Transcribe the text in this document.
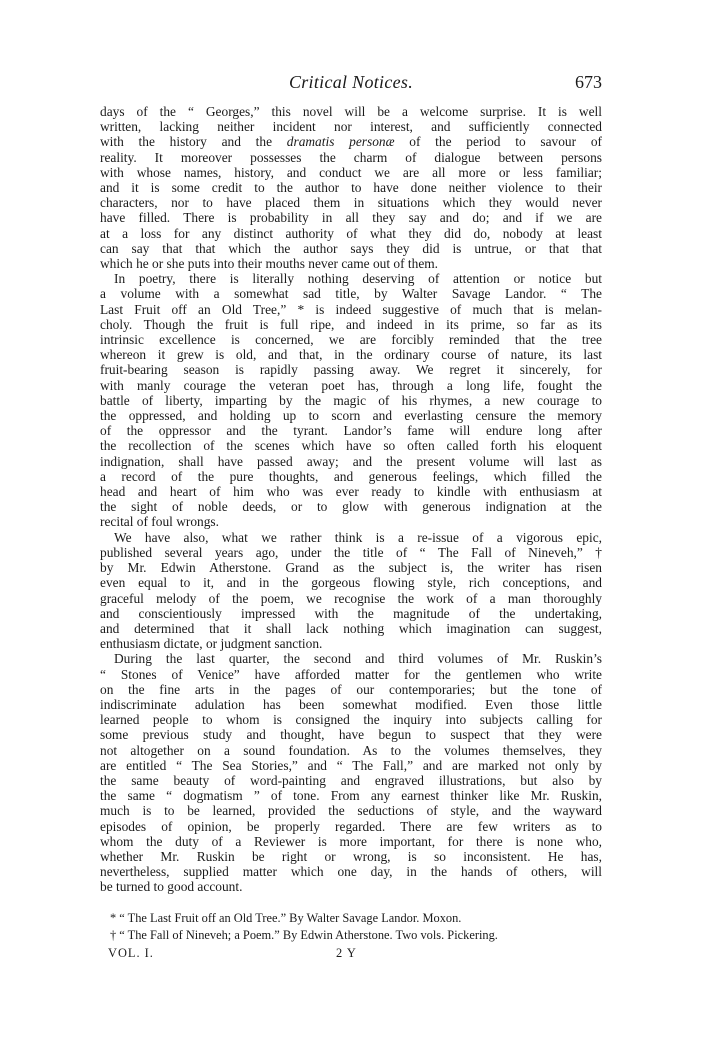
Critical Notices.	673
days of the “ Georges,” this novel will be a welcome surprise. It is well
written, lacking neither incident nor interest, and sufficiently connected
with the history and the dramatis personæ of the period to savour of
reality. It moreover possesses the charm of dialogue between persons
with whose names, history, and conduct we are all more or less familiar;
and it is some credit to the author to have done neither violence to their
characters, nor to have placed them in situations which they would never
have filled. There is probability in all they say and do; and if we are
at a loss for any distinct authority of what they did do, nobody at least
can say that that which the author says they did is untrue, or that that
which he or she puts into their mouths never came out of them.
In poetry, there is literally nothing deserving of attention or notice but
a volume with a somewhat sad title, by Walter Savage Landor. “ The
Last Fruit off an Old Tree,” * is indeed suggestive of much that is melan-
choly. Though the fruit is full ripe, and indeed in its prime, so far as its
intrinsic excellence is concerned, we are forcibly reminded that the tree
whereon it grew is old, and that, in the ordinary course of nature, its last
fruit-bearing season is rapidly passing away. We regret it sincerely, for
with manly courage the veteran poet has, through a long life, fought the
battle of liberty, imparting by the magic of his rhymes, a new courage to
the oppressed, and holding up to scorn and everlasting censure the memory
of the oppressor and the tyrant. Landor’s fame will endure long after
the recollection of the scenes which have so often called forth his eloquent
indignation, shall have passed away; and the present volume will last as
a record of the pure thoughts, and generous feelings, which filled the
head and heart of him who was ever ready to kindle with enthusiasm at
the sight of noble deeds, or to glow with generous indignation at the
recital of foul wrongs.
We have also, what we rather think is a re-issue of a vigorous epic,
published several years ago, under the title of “ The Fall of Nineveh,” †
by Mr. Edwin Atherstone. Grand as the subject is, the writer has risen
even equal to it, and in the gorgeous flowing style, rich conceptions, and
graceful melody of the poem, we recognise the work of a man thoroughly
and conscientiously impressed with the magnitude of the undertaking,
and determined that it shall lack nothing which imagination can suggest,
enthusiasm dictate, or judgment sanction.
During the last quarter, the second and third volumes of Mr. Ruskin’s
“ Stones of Venice” have afforded matter for the gentlemen who write
on the fine arts in the pages of our contemporaries; but the tone of
indiscriminate adulation has been somewhat modified. Even those little
learned people to whom is consigned the inquiry into subjects calling for
some previous study and thought, have begun to suspect that they were
not altogether on a sound foundation. As to the volumes themselves, they
are entitled “ The Sea Stories,” and “ The Fall,” and are marked not only by
the same beauty of word-painting and engraved illustrations, but also by
the same “ dogmatism ” of tone. From any earnest thinker like Mr. Ruskin,
much is to be learned, provided the seductions of style, and the wayward
episodes of opinion, be properly regarded. There are few writers as to
whom the duty of a Reviewer is more important, for there is none who,
whether Mr. Ruskin be right or wrong, is so inconsistent. He has,
nevertheless, supplied matter which one day, in the hands of others, will
be turned to good account.
* “ The Last Fruit off an Old Tree.” By Walter Savage Landor. Moxon.
† “ The Fall of Nineveh; a Poem.” By Edwin Atherstone. Two vols. Pickering.
VOL. I.	2 Y
